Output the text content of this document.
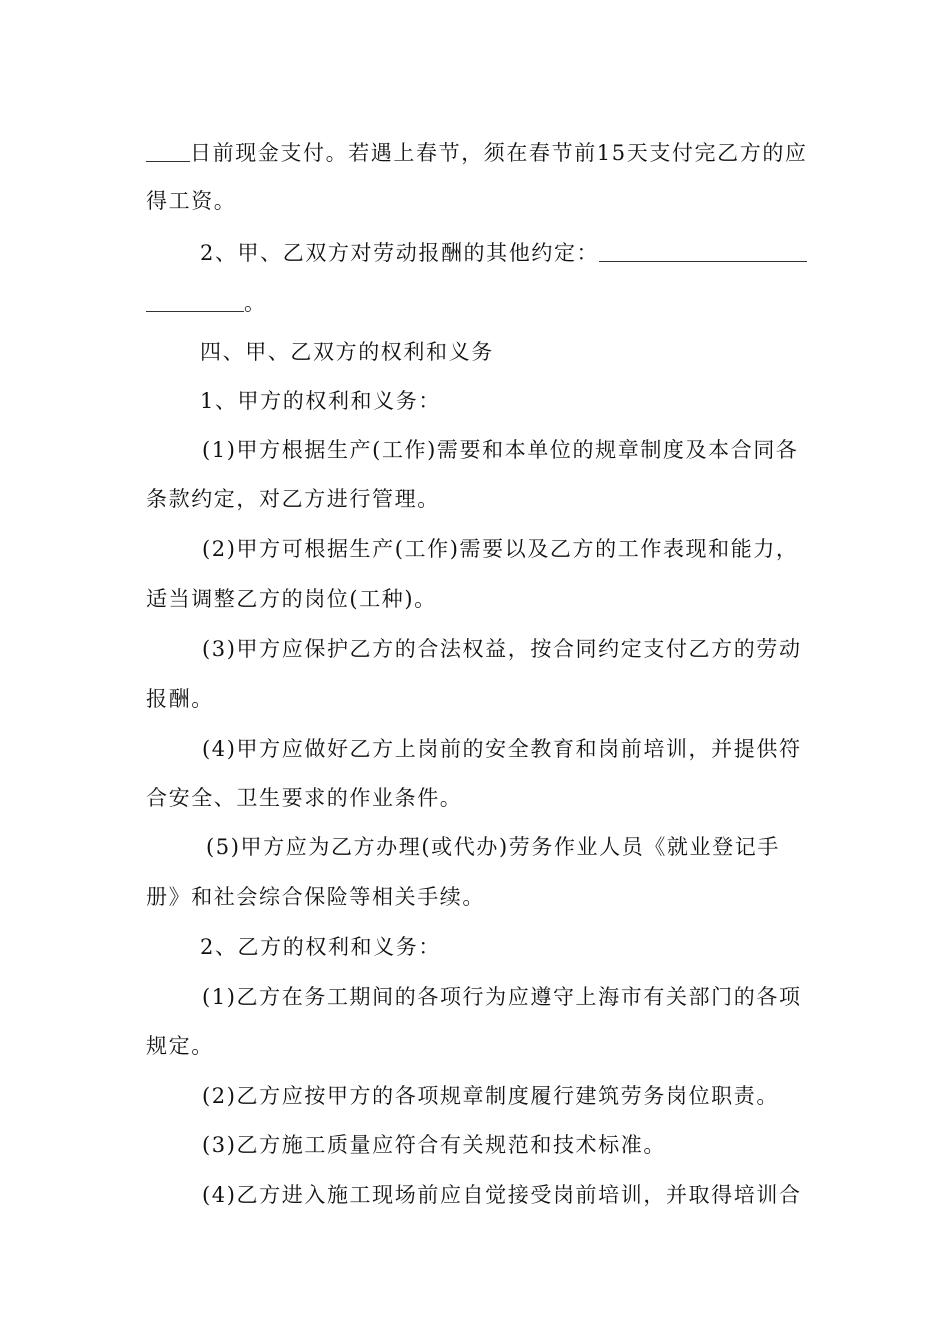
日前现金支付。若遇上春节，须在春节前15天支付完乙方的应
得工资。
2、甲、乙双方对劳动报酬的其他约定：
。
四、甲、乙双方的权利和义务
1、甲方的权利和义务：
(1)甲方根据生产(工作)需要和本单位的规章制度及本合同各
条款约定，对乙方进行管理。
(2)甲方可根据生产(工作)需要以及乙方的工作表现和能力，
适当调整乙方的岗位(工种)。
(3)甲方应保护乙方的合法权益，按合同约定支付乙方的劳动
报酬。
(4)甲方应做好乙方上岗前的安全教育和岗前培训，并提供符
合安全、卫生要求的作业条件。
(5)甲方应为乙方办理(或代办)劳务作业人员《就业登记手
册》和社会综合保险等相关手续。
2、乙方的权利和义务：
(1)乙方在务工期间的各项行为应遵守上海市有关部门的各项
规定。
(2)乙方应按甲方的各项规章制度履行建筑劳务岗位职责。
(3)乙方施工质量应符合有关规范和技术标准。
(4)乙方进入施工现场前应自觉接受岗前培训，并取得培训合
